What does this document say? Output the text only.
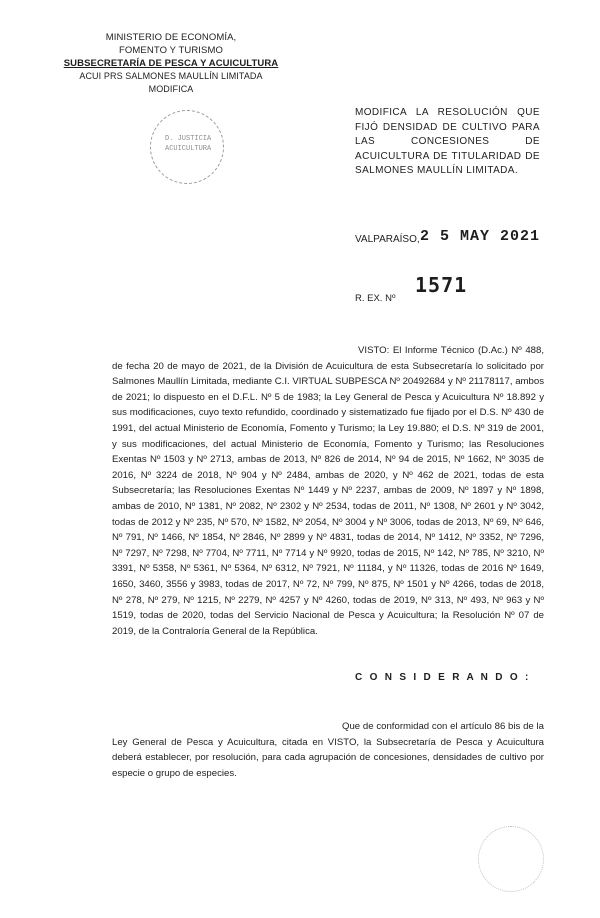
MINISTERIO DE ECONOMÍA,
FOMENTO Y TURISMO
SUBSECRETARÍA DE PESCA Y ACUICULTURA
ACUI PRS SALMONES MAULLÍN LIMITADA MODIFICA
D. JUSTICIA
ACUICULTURA
MODIFICA LA RESOLUCIÓN QUE FIJÓ DENSIDAD DE CULTIVO PARA LAS CONCESIONES DE ACUICULTURA DE TITULARIDAD DE SALMONES MAULLÍN LIMITADA.
VALPARAÍSO, 2 5 MAY 2021
R. EX. Nº
1571
VISTO: El Informe Técnico (D.Ac.) Nº 488, de fecha 20 de mayo de 2021, de la División de Acuicultura de esta Subsecretaría lo solicitado por Salmones Maullín Limitada, mediante C.I. VIRTUAL SUBPESCA Nº 20492684 y Nº 21178117, ambos de 2021; lo dispuesto en el D.F.L. Nº 5 de 1983; la Ley General de Pesca y Acuicultura Nº 18.892 y sus modificaciones, cuyo texto refundido, coordinado y sistematizado fue fijado por el D.S. Nº 430 de 1991, del actual Ministerio de Economía, Fomento y Turismo; la Ley 19.880; el D.S. Nº 319 de 2001, y sus modificaciones, del actual Ministerio de Economía, Fomento y Turismo; las Resoluciones Exentas Nº 1503 y Nº 2713, ambas de 2013, Nº 826 de 2014, Nº 94 de 2015, Nº 1662, Nº 3035 de 2016, Nº 3224 de 2018, Nº 904 y Nº 2484, ambas de 2020, y Nº 462 de 2021, todas de esta Subsecretaría; las Resoluciones Exentas Nº 1449 y Nº 2237, ambas de 2009, Nº 1897 y Nº 1898, ambas de 2010, Nº 1381, Nº 2082, Nº 2302 y Nº 2534, todas de 2011, Nº 1308, Nº 2601 y Nº 3042, todas de 2012 y Nº 235, Nº 570, Nº 1582, Nº 2054, Nº 3004 y Nº 3006, todas de 2013, Nº 69, Nº 646, Nº 791, Nº 1466, Nº 1854, Nº 2846, Nº 2899 y Nº 4831, todas de 2014, Nº 1412, Nº 3352, Nº 7296, Nº 7297, Nº 7298, Nº 7704, Nº 7711, Nº 7714 y Nº 9920, todas de 2015, Nº 142, Nº 785, Nº 3210, Nº 3391, Nº 5358, Nº 5361, Nº 5364, Nº 6312, Nº 7921, Nº 11184, y Nº 11326, todas de 2016 Nº 1649, 1650, 3460, 3556 y 3983, todas de 2017, Nº 72, Nº 799, Nº 875, Nº 1501 y Nº 4266, todas de 2018, Nº 278, Nº 279, Nº 1215, Nº 2279, Nº 4257 y Nº 4260, todas de 2019, Nº 313, Nº 493, Nº 963 y Nº 1519, todas de 2020, todas del Servicio Nacional de Pesca y Acuicultura; la Resolución Nº 07 de 2019, de la Contraloría General de la República.
C O N S I D E R A N D O :
Que de conformidad con el artículo 86 bis de la Ley General de Pesca y Acuicultura, citada en VISTO, la Subsecretaría de Pesca y Acuicultura deberá establecer, por resolución, para cada agrupación de concesiones, densidades de cultivo por especie o grupo de especies.
